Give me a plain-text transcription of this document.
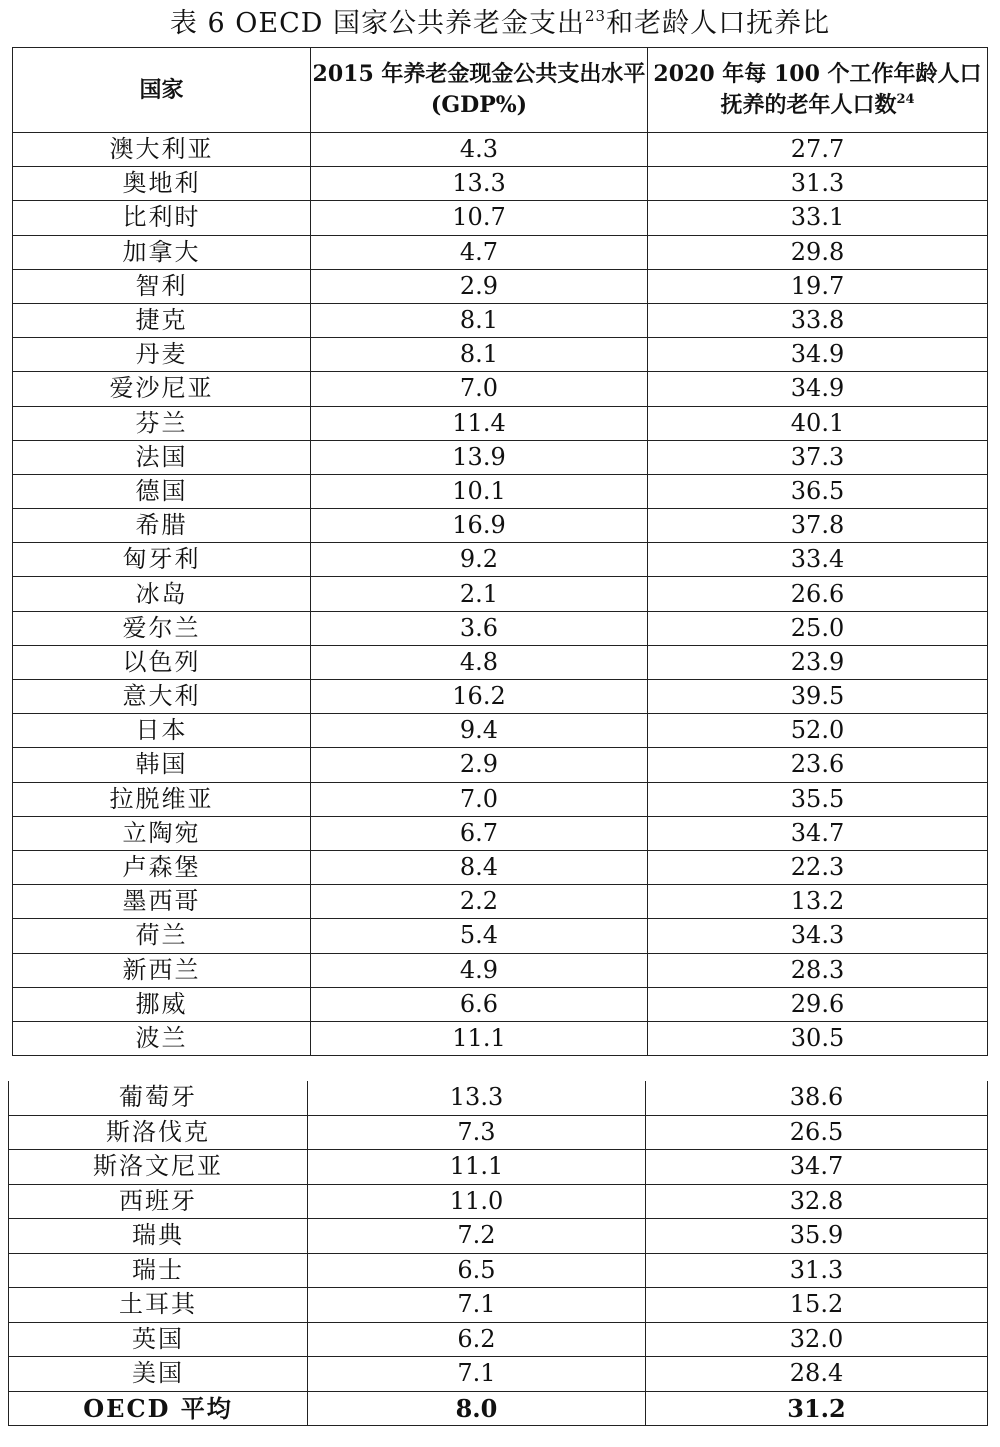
表 6 OECD 国家公共养老金支出$^{23}$和老龄人口抚养比
国家	2015 年养老金现金公共支出水平(GDP%)	2020 年每 100 个工作年龄人口抚养的老年人口数$^{24}$
澳大利亚	4.3	27.7
奥地利	13.3	31.3
比利时	10.7	33.1
加拿大	4.7	29.8
智利	2.9	19.7
捷克	8.1	33.8
丹麦	8.1	34.9
爱沙尼亚	7.0	34.9
芬兰	11.4	40.1
法国	13.9	37.3
德国	10.1	36.5
希腊	16.9	37.8
匈牙利	9.2	33.4
冰岛	2.1	26.6
爱尔兰	3.6	25.0
以色列	4.8	23.9
意大利	16.2	39.5
日本	9.4	52.0
韩国	2.9	23.6
拉脱维亚	7.0	35.5
立陶宛	6.7	34.7
卢森堡	8.4	22.3
墨西哥	2.2	13.2
荷兰	5.4	34.3
新西兰	4.9	28.3
挪威	6.6	29.6
波兰	11.1	30.5
葡萄牙	13.3	38.6
斯洛伐克	7.3	26.5
斯洛文尼亚	11.1	34.7
西班牙	11.0	32.8
瑞典	7.2	35.9
瑞士	6.5	31.3
土耳其	7.1	15.2
英国	6.2	32.0
美国	7.1	28.4
OECD 平均	8.0	31.2
